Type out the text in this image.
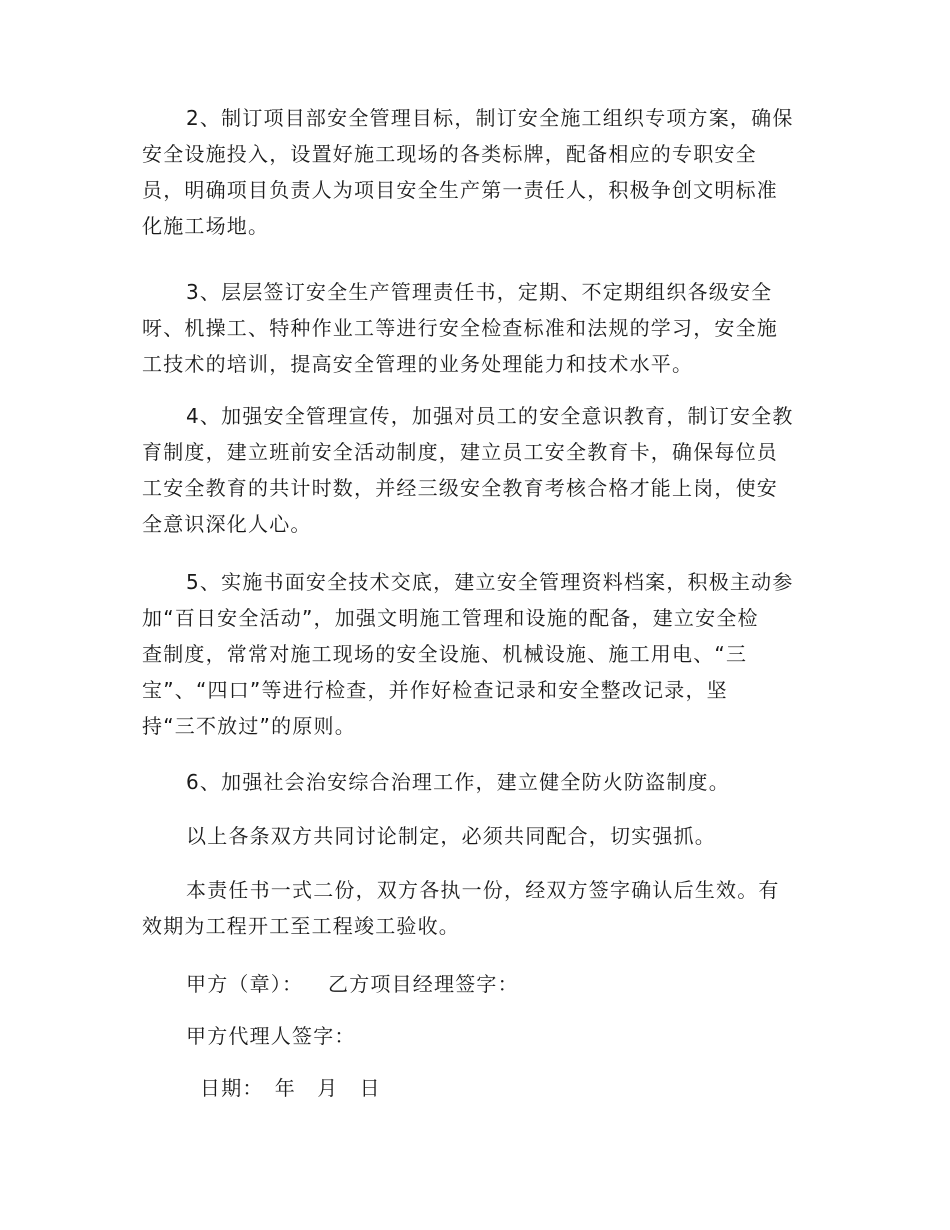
2、制订项目部安全管理目标，制订安全施工组织专项方案，确保
安全设施投入，设置好施工现场的各类标牌，配备相应的专职安全
员，明确项目负责人为项目安全生产第一责任人，积极争创文明标准
化施工场地。
3、层层签订安全生产管理责任书，定期、不定期组织各级安全
呀、机操工、特种作业工等进行安全检查标准和法规的学习，安全施
工技术的培训，提高安全管理的业务处理能力和技术水平。
4、加强安全管理宣传，加强对员工的安全意识教育，制订安全教
育制度，建立班前安全活动制度，建立员工安全教育卡，确保每位员
工安全教育的共计时数，并经三级安全教育考核合格才能上岗，使安
全意识深化人心。
5、实施书面安全技术交底，建立安全管理资料档案，积极主动参
加“百日安全活动”，加强文明施工管理和设施的配备，建立安全检
查制度，常常对施工现场的安全设施、机械设施、施工用电、“三
宝”、“四口”等进行检查，并作好检查记录和安全整改记录，坚
持“三不放过”的原则。
6、加强社会治安综合治理工作，建立健全防火防盗制度。
以上各条双方共同讨论制定，必须共同配合，切实强抓。
本责任书一式二份，双方各执一份，经双方签字确认后生效。有
效期为工程开工至工程竣工验收。
甲方（章）： 乙方项目经理签字：
甲方代理人签字：
日期：　年　月　日
